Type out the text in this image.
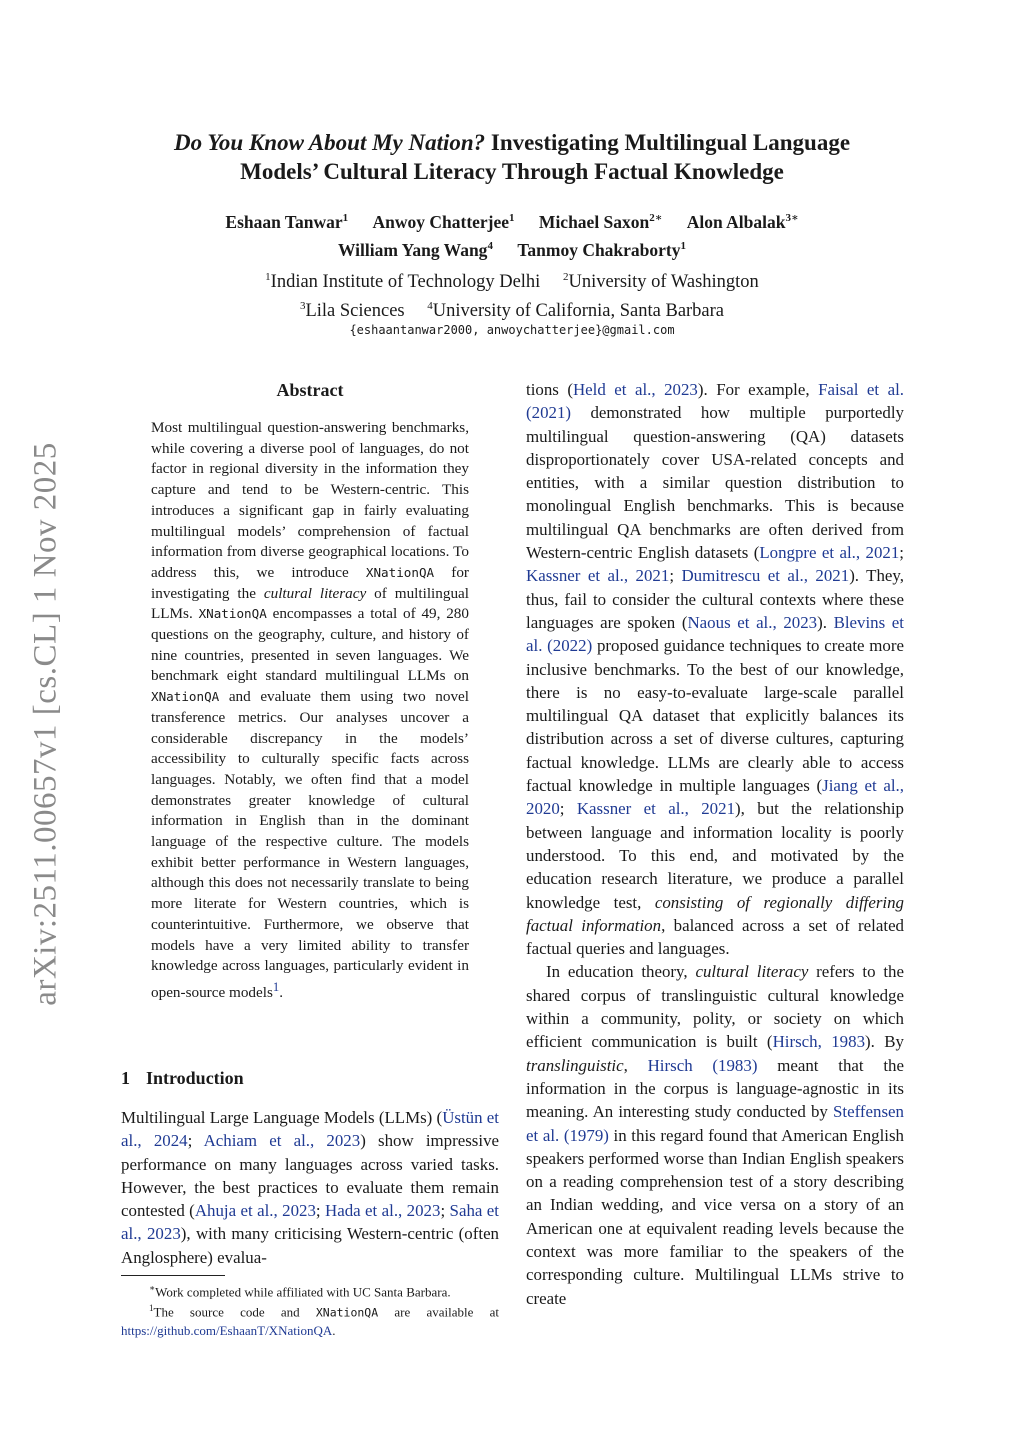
arXiv:2511.00657v1 [cs.CL] 1 Nov 2025
Do You Know About My Nation? Investigating Multilingual Language
Models’ Cultural Literacy Through Factual Knowledge
Eshaan Tanwar$^1$ Anwoy Chatterjee$^1$ Michael Saxon$^{2∗}$ Alon Albalak$^{3∗}$
William Yang Wang$^4$ Tanmoy Chakraborty$^1$
$^1$Indian Institute of Technology Delhi $^2$University of Washington
$^3$Lila Sciences $^4$University of California, Santa Barbara
{eshaantanwar2000, anwoychatterjee}@gmail.com
Abstract

Most multilingual question-answering benchmarks, while covering a diverse pool of languages, do not factor in regional diversity in the information they capture and tend to be Western-centric. This introduces a significant gap in fairly evaluating multilingual models’ comprehension of factual information from diverse geographical locations. To address this, we introduce XNationQA for investigating the cultural literacy of multilingual LLMs. XNationQA encompasses a total of 49, 280 questions on the geography, culture, and history of nine countries, presented in seven languages. We benchmark eight standard multilingual LLMs on XNationQA and evaluate them using two novel transference metrics. Our analyses uncover a considerable discrepancy in the models’ accessibility to culturally specific facts across languages. Notably, we often find that a model demonstrates greater knowledge of cultural information in English than in the dominant language of the respective culture. The models exhibit better performance in Western languages, although this does not necessarily translate to being more literate for Western countries, which is counterintuitive. Furthermore, we observe that models have a very limited ability to transfer knowledge across languages, particularly evident in open-source models$^1$.

1 Introduction

Multilingual Large Language Models (LLMs) (Üstün et al., 2024; Achiam et al., 2023) show impressive performance on many languages across varied tasks. However, the best practices to evaluate them remain contested (Ahuja et al., 2023; Hada et al., 2023; Saha et al., 2023), with many criticising Western-centric (often Anglosphere) evalua-

∗Work completed while affiliated with UC Santa Barbara.

$^1$The source code and XNationQA are available at https://github.com/EshaanT/XNationQA.

tions (Held et al., 2023). For example, Faisal et al. (2021) demonstrated how multiple purportedly multilingual question-answering (QA) datasets disproportionately cover USA-related concepts and entities, with a similar question distribution to monolingual English benchmarks. This is because multilingual QA benchmarks are often derived from Western-centric English datasets (Longpre et al., 2021; Kassner et al., 2021; Dumitrescu et al., 2021). They, thus, fail to consider the cultural contexts where these languages are spoken (Naous et al., 2023). Blevins et al. (2022) proposed guidance techniques to create more inclusive benchmarks. To the best of our knowledge, there is no easy-to-evaluate large-scale parallel multilingual QA dataset that explicitly balances its distribution across a set of diverse cultures, capturing factual knowledge. LLMs are clearly able to access factual knowledge in multiple languages (Jiang et al., 2020; Kassner et al., 2021), but the relationship between language and information locality is poorly understood. To this end, and motivated by the education research literature, we produce a parallel knowledge test, consisting of regionally differing factual information, balanced across a set of related factual queries and languages.

In education theory, cultural literacy refers to the shared corpus of translinguistic cultural knowledge within a community, polity, or society on which efficient communication is built (Hirsch, 1983). By translinguistic, Hirsch (1983) meant that the information in the corpus is language-agnostic in its meaning. An interesting study conducted by Steffensen et al. (1979) in this regard found that American English speakers performed worse than Indian English speakers on a reading comprehension test of a story describing an Indian wedding, and vice versa on a story of an American one at equivalent reading levels because the context was more familiar to the speakers of the corresponding culture. Multilingual LLMs strive to create
